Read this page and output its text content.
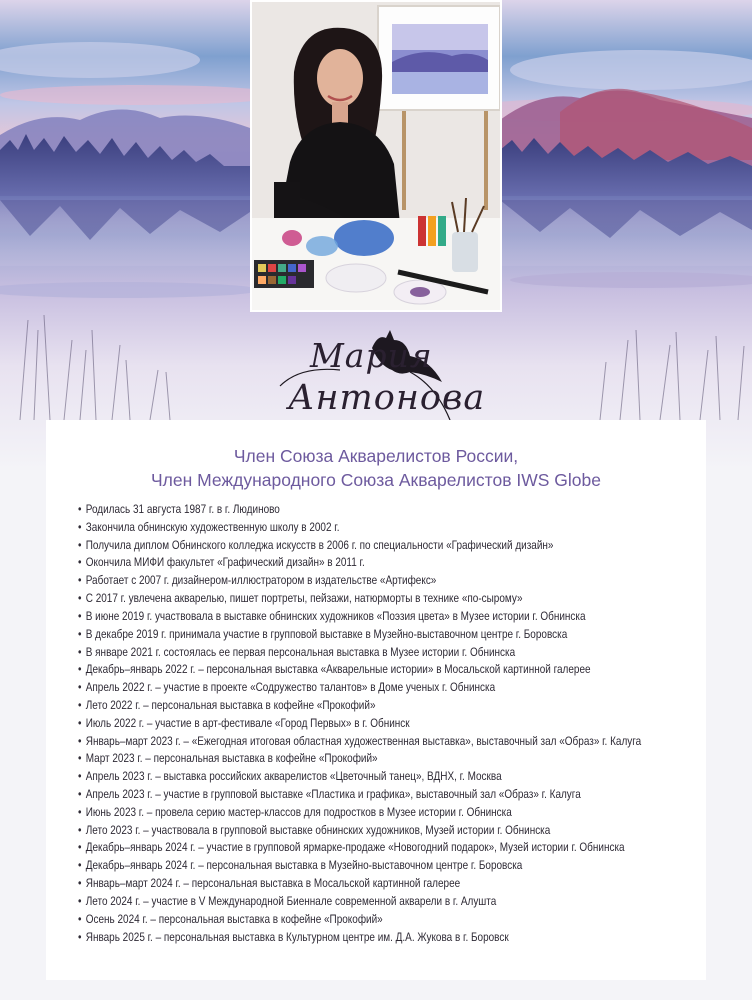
Мария
Антонова
Член Союза Акварелистов России,
Член Международного Союза Акварелистов IWS Globe
• Родилась 31 августа 1987 г. в г. Людиново
• Закончила обнинскую художественную школу в 2002 г.
• Получила диплом Обнинского колледжа искусств в 2006 г. по специальности «Графический дизайн»
• Окончила МИФИ факультет «Графический дизайн» в 2011 г.
• Работает с 2007 г. дизайнером-иллюстратором в издательстве «Артифекс»
• С 2017 г. увлечена акварелью, пишет портреты, пейзажи, натюрморты в технике «по-сырому»
• В июне 2019 г. участвовала в выставке обнинских художников «Поэзия цвета» в Музее истории г. Обнинска
• В декабре 2019 г. принимала участие в групповой выставке в Музейно-выставочном центре г. Боровска
• В январе 2021 г. состоялась ее первая персональная выставка в Музее истории г. Обнинска
• Декабрь–январь 2022 г. – персональная выставка «Акварельные истории» в Мосальской картинной галерее
• Апрель 2022 г. – участие в проекте «Содружество талантов» в Доме ученых г. Обнинска
• Лето 2022 г. – персональная выставка в кофейне «Прокофий»
• Июль 2022 г. – участие в арт-фестивале «Город Первых» в г. Обнинск
• Январь–март 2023 г. – «Ежегодная итоговая областная художественная выставка», выставочный зал «Образ» г. Калуга
• Март 2023 г. – персональная выставка в кофейне «Прокофий»
• Апрель 2023 г. – выставка российских акварелистов «Цветочный танец», ВДНХ, г. Москва
• Апрель 2023 г. – участие в групповой выставке «Пластика и графика», выставочный зал «Образ» г. Калуга
• Июнь 2023 г. – провела серию мастер-классов для подростков в Музее истории г. Обнинска
• Лето 2023 г. – участвовала в групповой выставке обнинских художников, Музей истории г. Обнинска
• Декабрь–январь 2024 г. – участие в групповой ярмарке-продаже «Новогодний подарок», Музей истории г. Обнинска
• Декабрь–январь 2024 г. – персональная выставка в Музейно-выставочном центре г. Боровска
• Январь–март 2024 г. – персональная выставка в Мосальской картинной галерее
• Лето 2024 г. – участие в V Международной Биеннале современной акварели в г. Алушта
• Осень 2024 г. – персональная выставка в кофейне «Прокофий»
• Январь 2025 г. – персональная выставка в Культурном центре им. Д.А. Жукова в г. Боровск
